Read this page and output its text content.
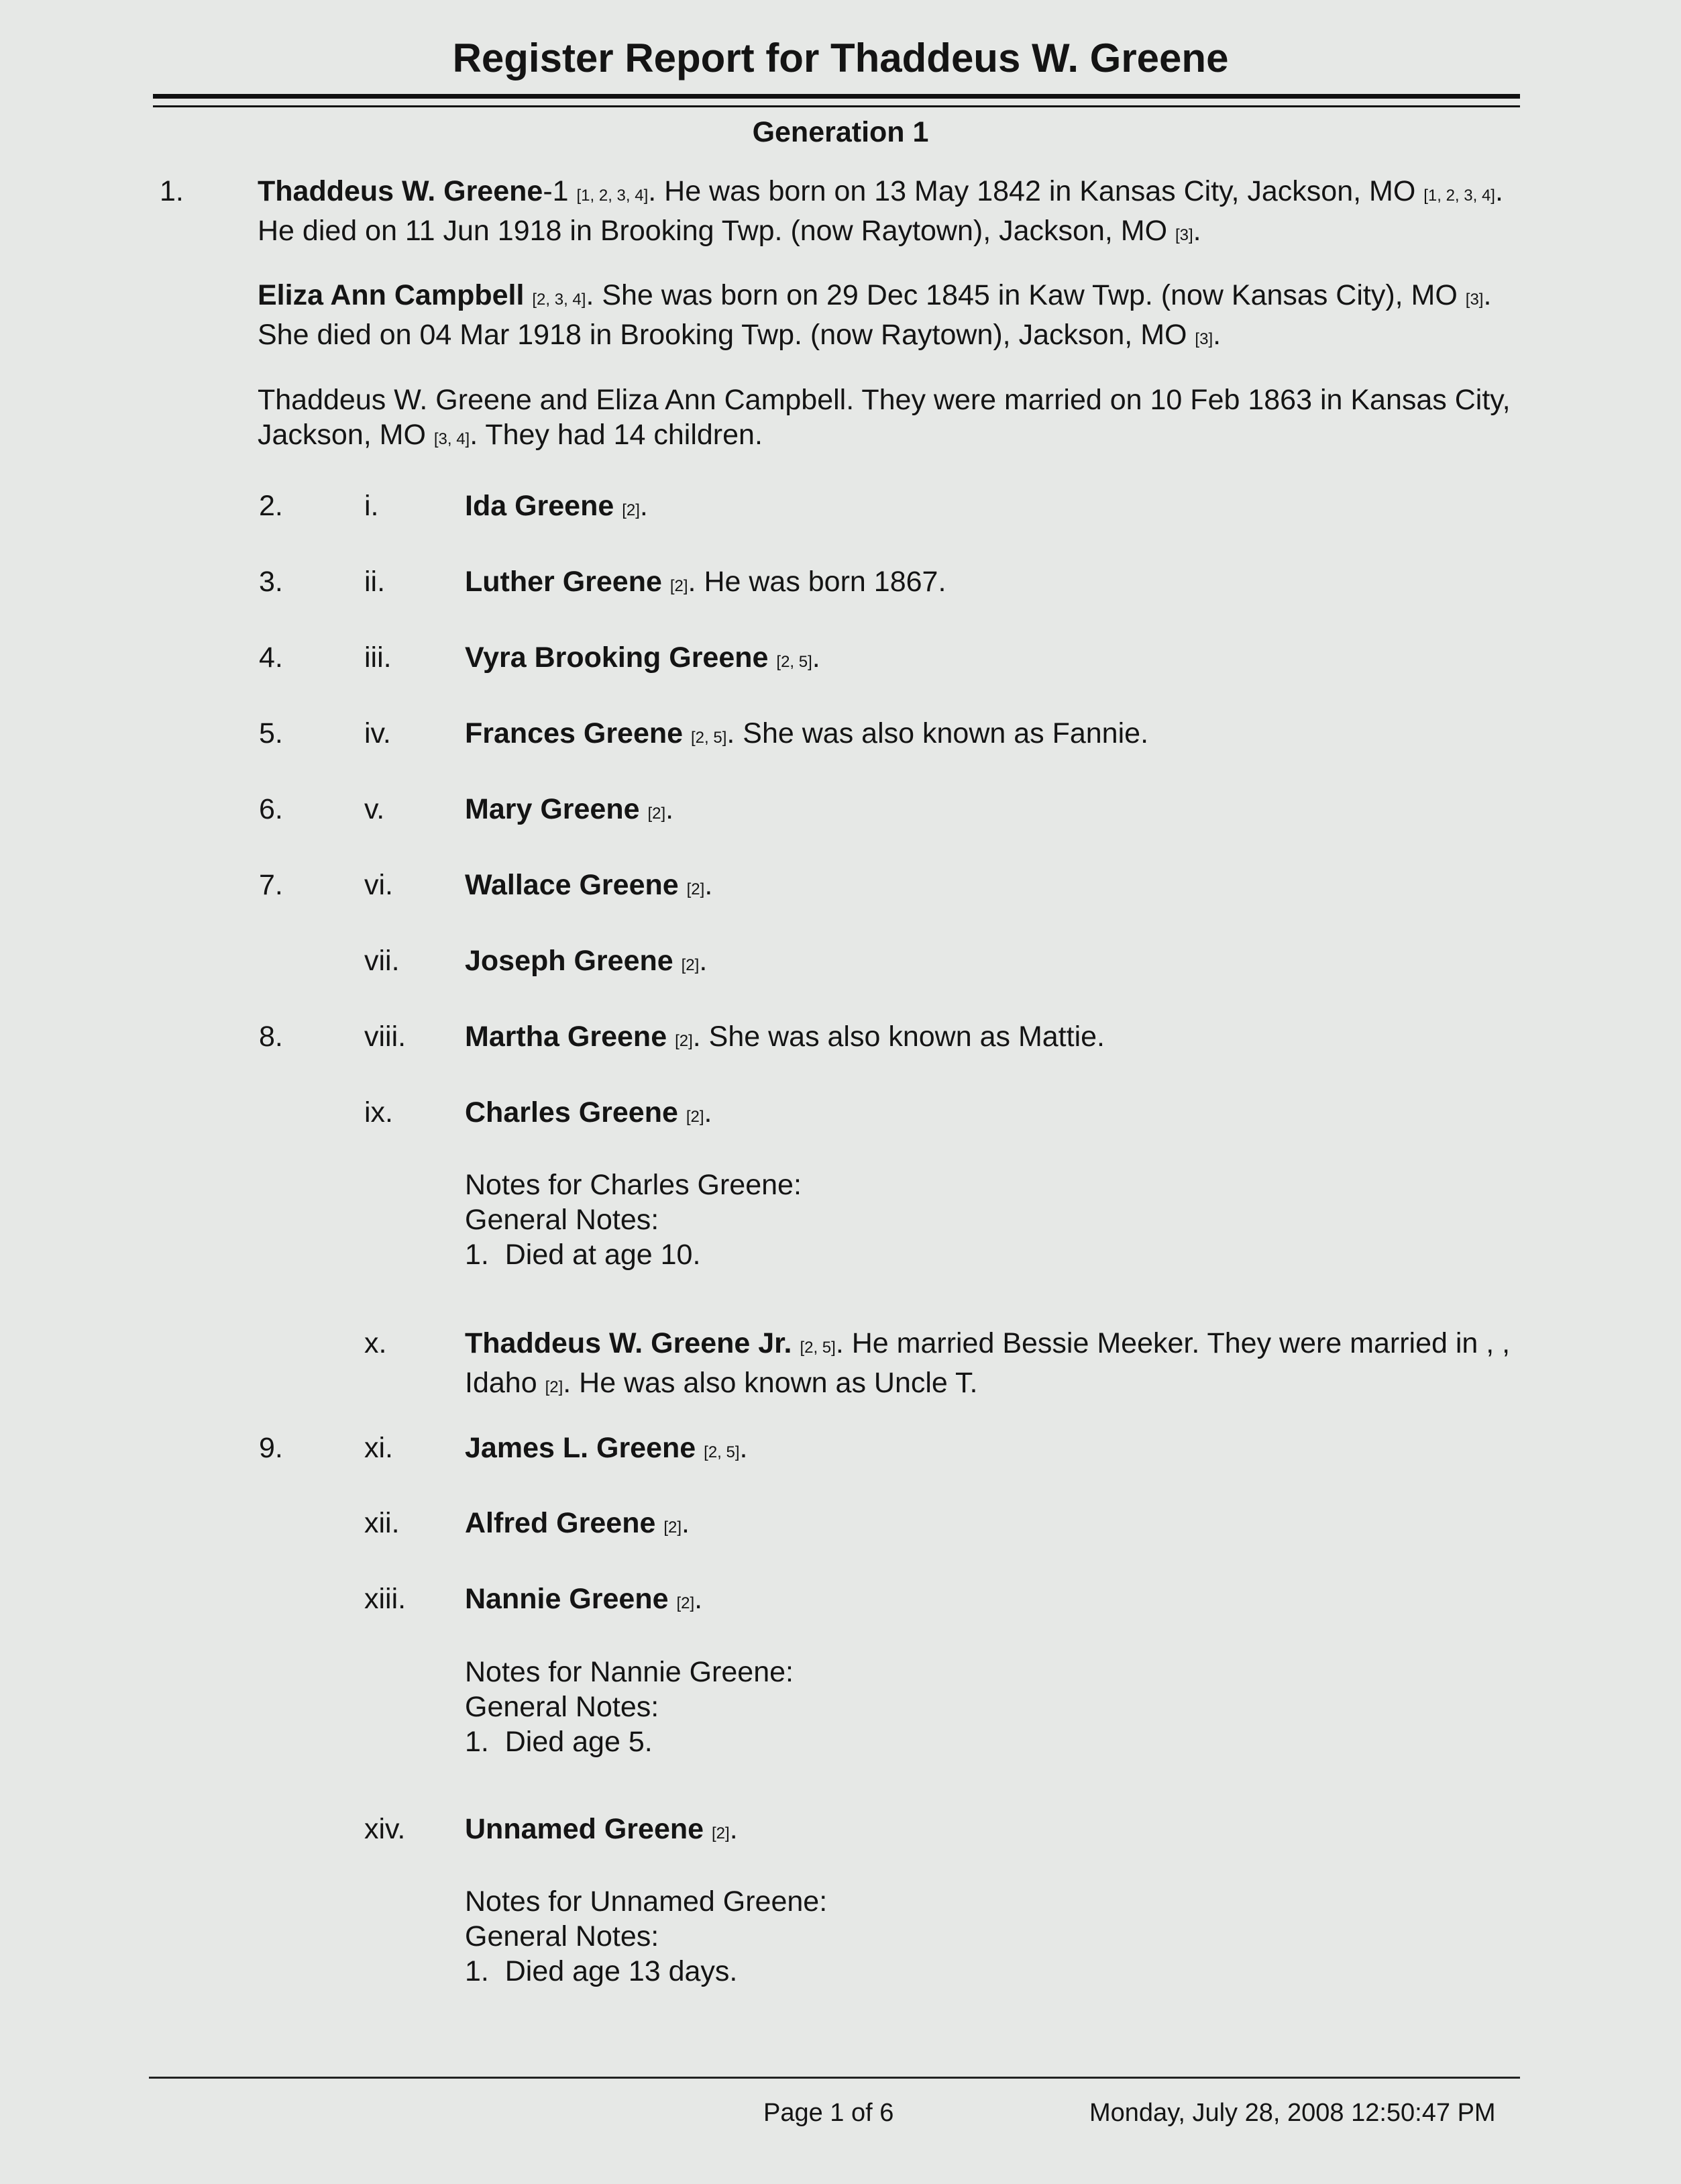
Register Report for Thaddeus W. Greene
Generation 1
1.	Thaddeus W. Greene-1 [1, 2, 3, 4]. He was born on 13 May 1842 in Kansas City, Jackson, MO [1, 2, 3, 4]. He died on 11 Jun 1918 in Brooking Twp. (now Raytown), Jackson, MO [3].

Eliza Ann Campbell [2, 3, 4]. She was born on 29 Dec 1845 in Kaw Twp. (now Kansas City), MO [3]. She died on 04 Mar 1918 in Brooking Twp. (now Raytown), Jackson, MO [3].

Thaddeus W. Greene and Eliza Ann Campbell. They were married on 10 Feb 1863 in Kansas City, Jackson, MO [3, 4]. They had 14 children.

2.	i.	Ida Greene [2].
3.	ii.	Luther Greene [2]. He was born 1867.
4.	iii.	Vyra Brooking Greene [2, 5].
5.	iv.	Frances Greene [2, 5]. She was also known as Fannie.
6.	v.	Mary Greene [2].
7.	vi. Wallace Greene [2].
vii. Joseph Greene [2].
8.	viii. Martha Greene [2]. She was also known as Mattie.
ix. Charles Greene [2].
Notes for Charles Greene:
General Notes:
1.  Died at age 10.
x.	Thaddeus W. Greene Jr. [2, 5]. He married Bessie Meeker. They were married in , , Idaho [2]. He was also known as Uncle T.
9.	xi. James L. Greene [2, 5].
xii. Alfred Greene [2].
xiii. Nannie Greene [2].
Notes for Nannie Greene:
General Notes:
1.  Died age 5.
xiv. Unnamed Greene [2].
Notes for Unnamed Greene:
General Notes:
1.  Died age 13 days.
Page 1 of 6	Monday, July 28, 2008 12:50:47 PM
